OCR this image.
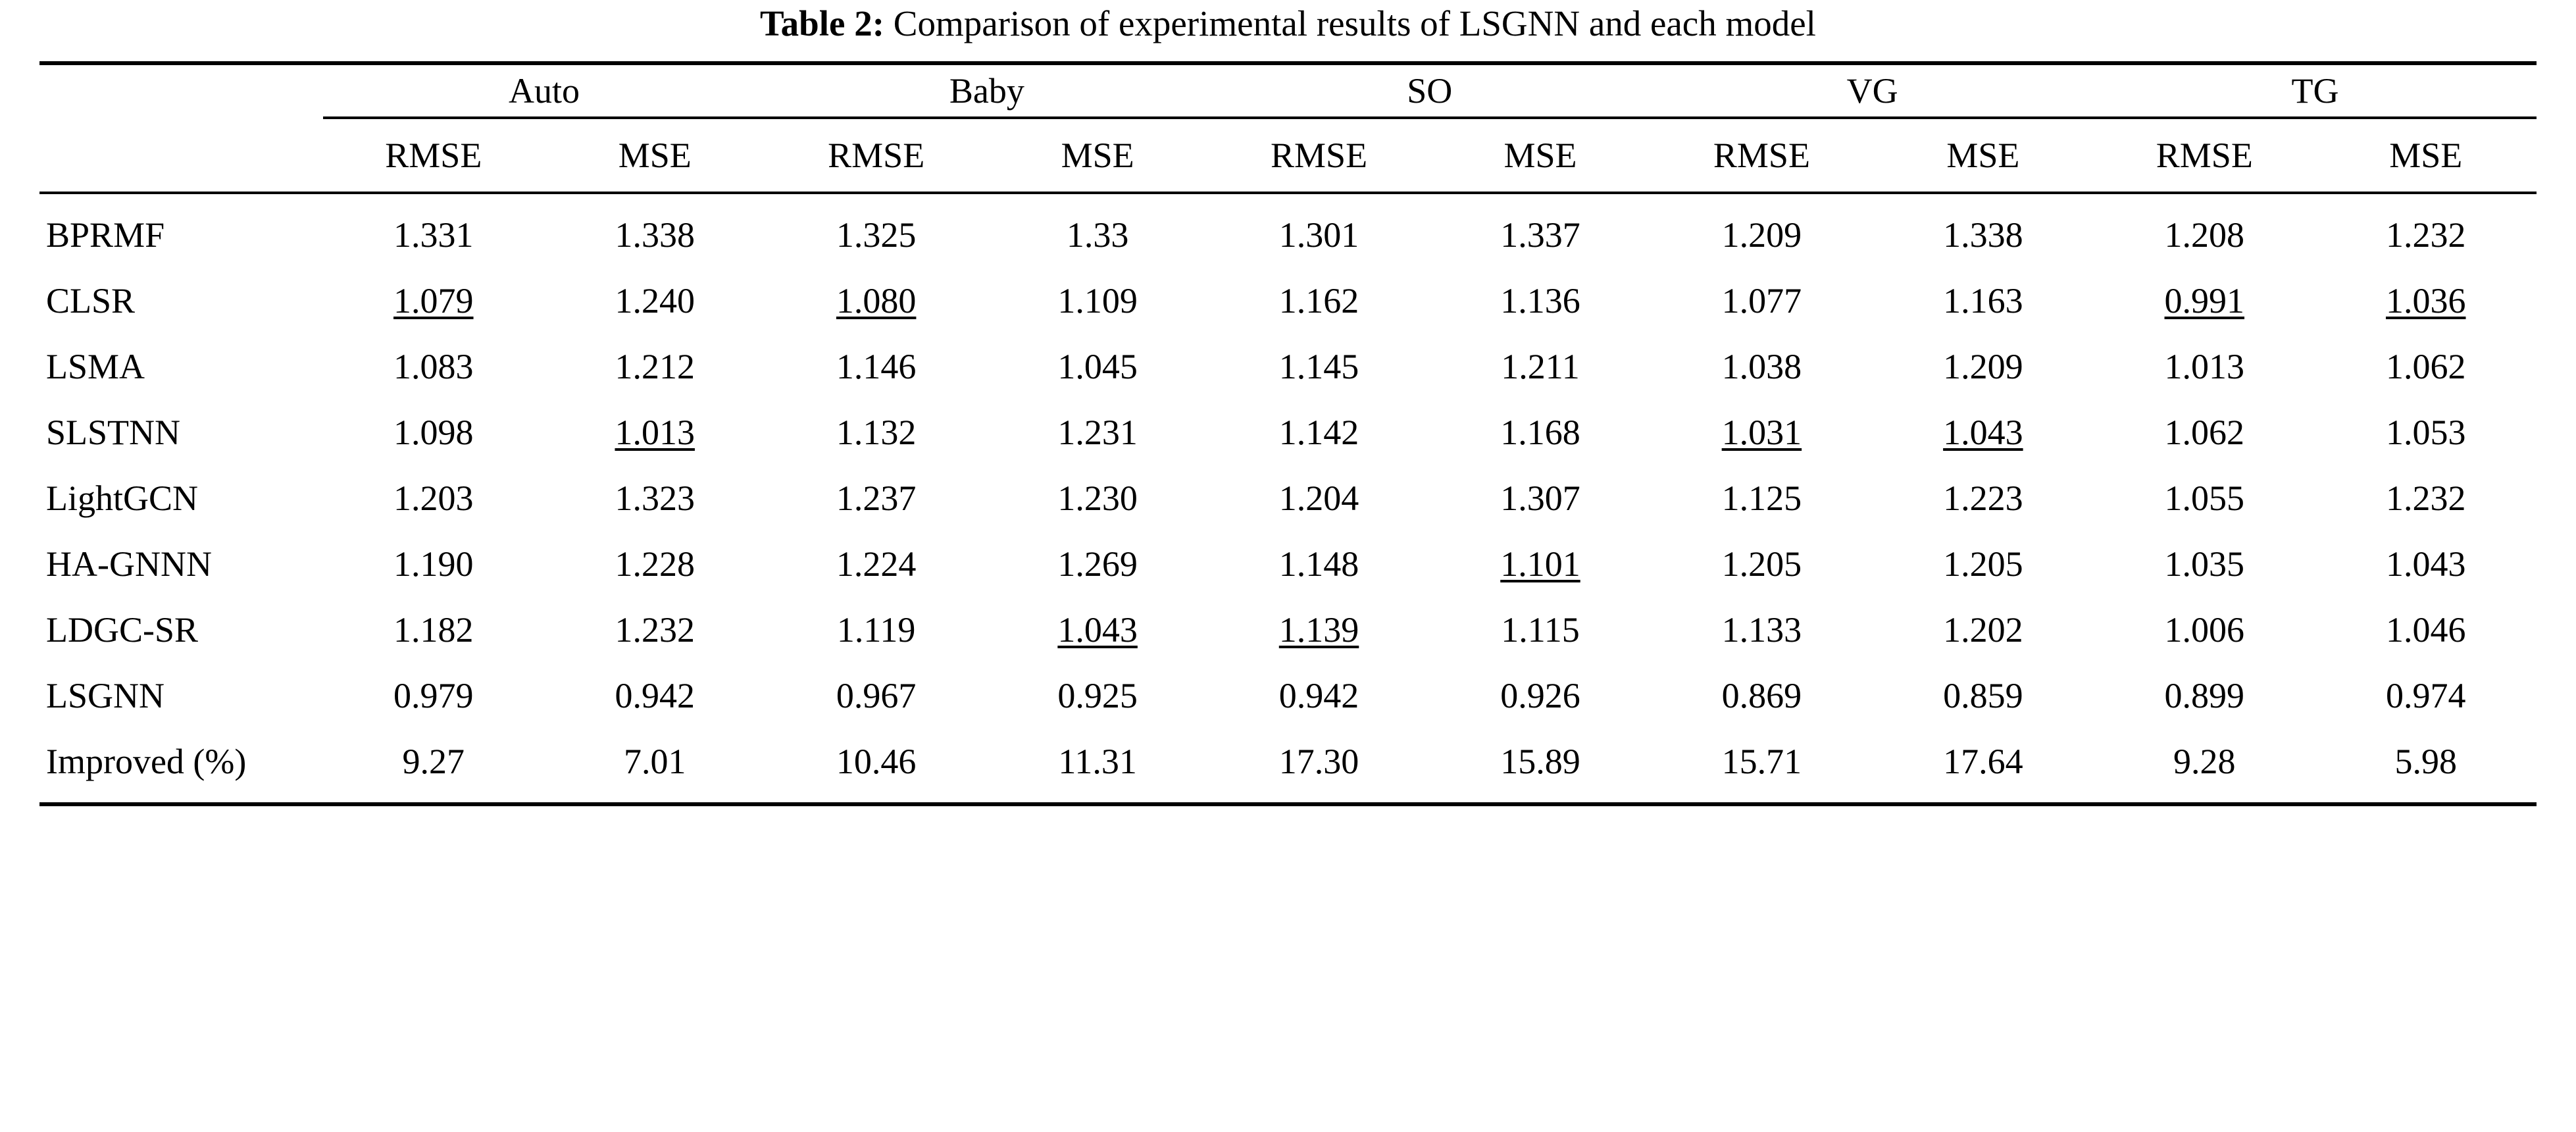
Table 2: Comparison of experimental results of LSGNN and each model

	Auto		Baby		SO		VG		TG	
	RMSE	MSE	RMSE	MSE	RMSE	MSE	RMSE	MSE	RMSE	MSE

BPRMF	1.331	1.338	1.325	1.33	1.301	1.337	1.209	1.338	1.208	1.232
CLSR	1.079	1.240	1.080	1.109	1.162	1.136	1.077	1.163	0.991	1.036
LSMA	1.083	1.212	1.146	1.045	1.145	1.211	1.038	1.209	1.013	1.062
SLSTNN	1.098	1.013	1.132	1.231	1.142	1.168	1.031	1.043	1.062	1.053
LightGCN	1.203	1.323	1.237	1.230	1.204	1.307	1.125	1.223	1.055	1.232
HA-GNNN	1.190	1.228	1.224	1.269	1.148	1.101	1.205	1.205	1.035	1.043
LDGC-SR	1.182	1.232	1.119	1.043	1.139	1.115	1.133	1.202	1.006	1.046
LSGNN	0.979	0.942	0.967	0.925	0.942	0.926	0.869	0.859	0.899	0.974
Improved (%)	9.27	7.01	10.46	11.31	17.30	15.89	15.71	17.64	9.28	5.98
